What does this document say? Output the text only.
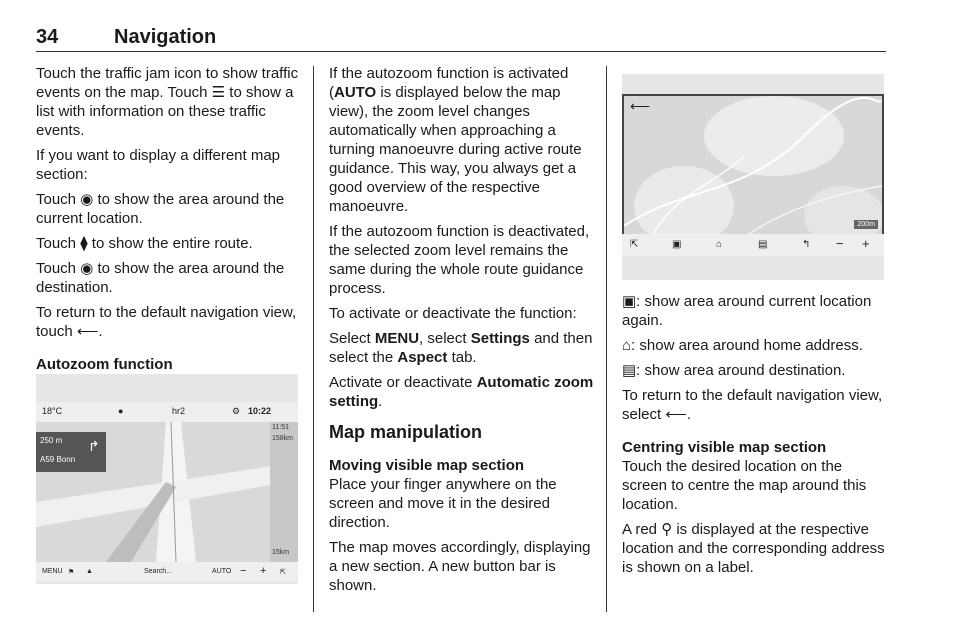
34	Navigation

Touch the traffic jam icon to show traffic events on the map. Touch ☰ to show a list with information on these traffic events.

If you want to display a different map section:

Touch ◉ to show the area around the current location.

Touch ⧫ to show the entire route.

Touch ◉ to show the area around the destination.

To return to the default navigation view, touch ⟵.

Autozoom function
18°C	●	hr2	⚙ 10:22
250 m
A59 Bonn
↱
11:51
158km
15km
MENU ⚑ ▲	Search...	AUTO − + ⇱

If the autozoom function is activated (AUTO is displayed below the map view), the zoom level changes automatically when approaching a turning manoeuvre during active route guidance. This way, you always get a good overview of the respective manoeuvre.

If the autozoom function is deactivated, the selected zoom level remains the same during the whole route guidance process.

To activate or deactivate the function:

Select MENU, select Settings and then select the Aspect tab.

Activate or deactivate Automatic zoom setting.

Map manipulation
Moving visible map section

Place your finger anywhere on the screen and move it in the desired direction.

The map moves accordingly, displaying a new section. A new button bar is shown.

⟵
200m
⇱	▣	⌂	▤	↰ − +

▣: show area around current location again.

⌂: show area around home address.

▤: show area around destination.

To return to the default navigation view, select ⟵.

Centring visible map section

Touch the desired location on the screen to centre the map around this location.

A red ⚲ is displayed at the respective location and the corresponding address is shown on a label.
